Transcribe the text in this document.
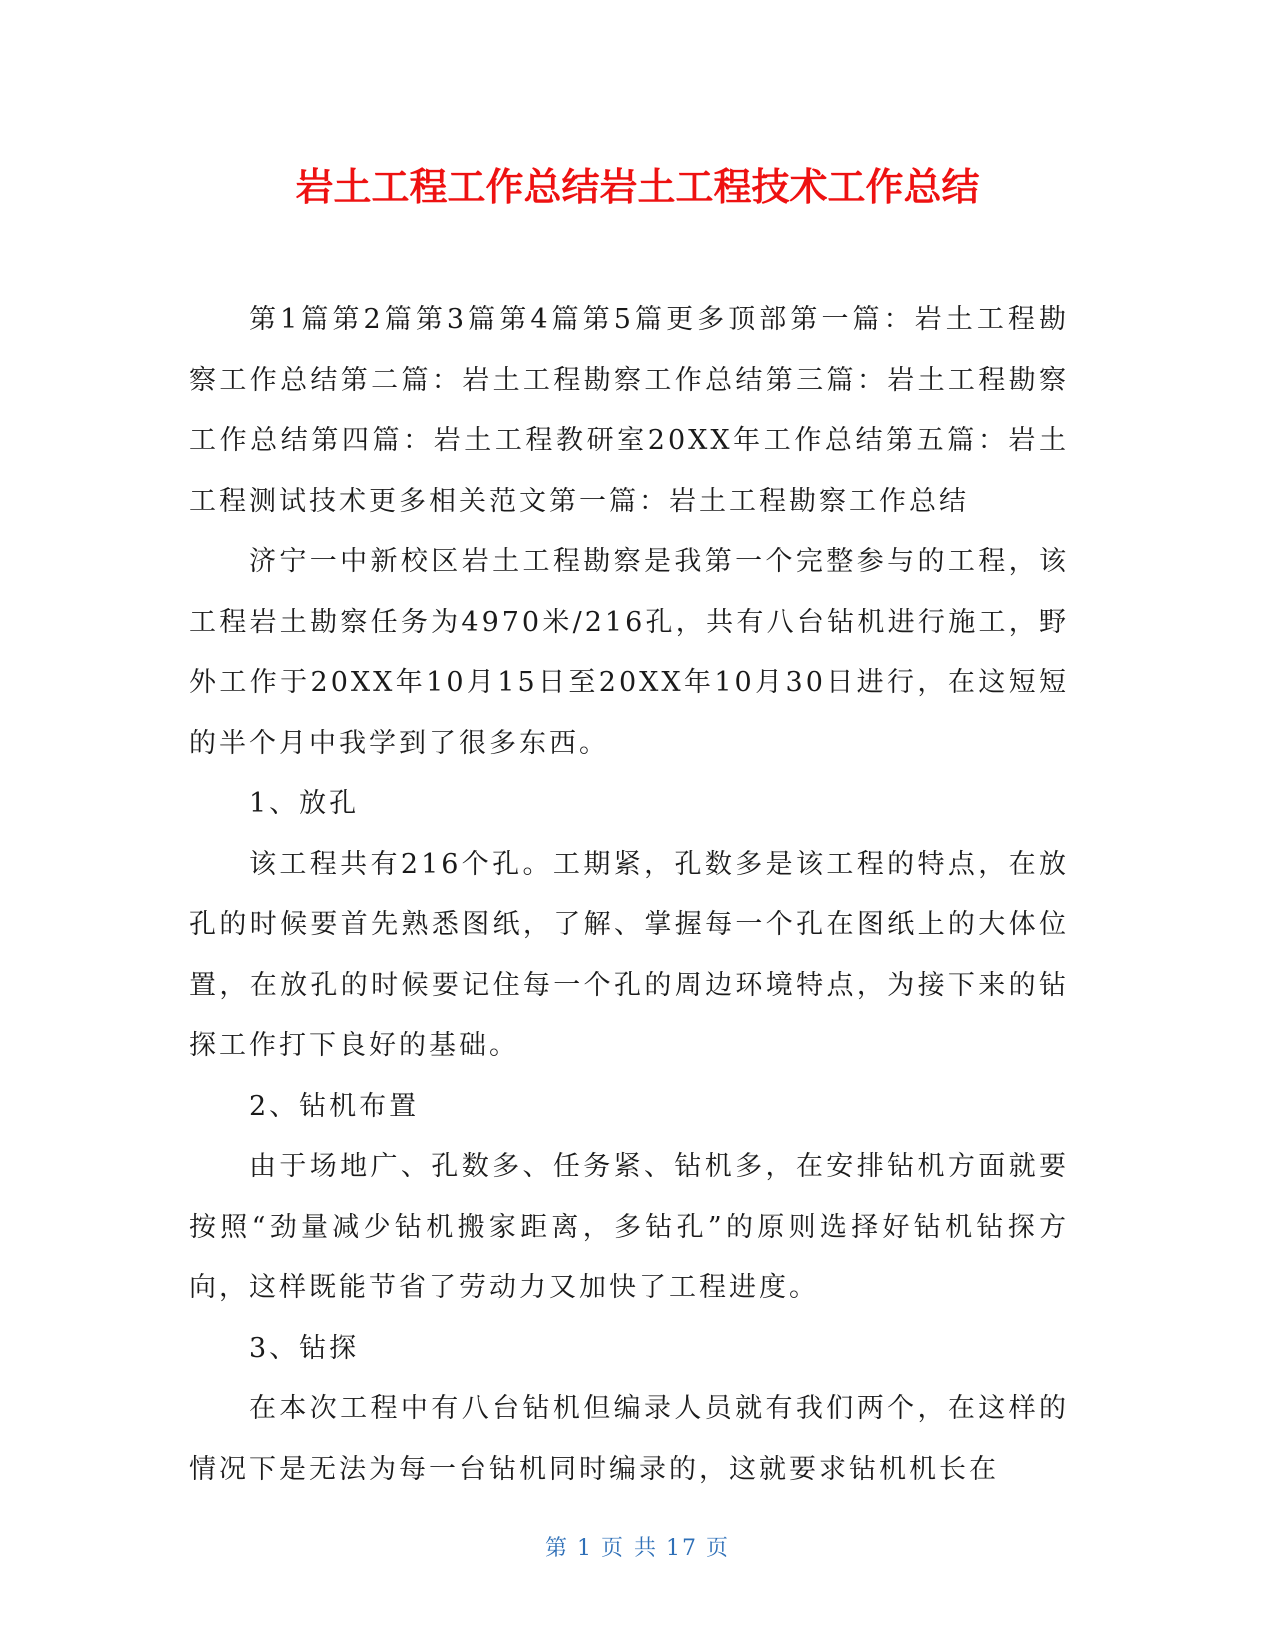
岩土工程工作总结岩土工程技术工作总结

第1篇第2篇第3篇第4篇第5篇更多顶部第一篇：岩土工程勘察工作总结第二篇：岩土工程勘察工作总结第三篇：岩土工程勘察工作总结第四篇：岩土工程教研室20XX年工作总结第五篇：岩土工程测试技术更多相关范文第一篇：岩土工程勘察工作总结

济宁一中新校区岩土工程勘察是我第一个完整参与的工程，该工程岩土勘察任务为4970米/216孔，共有八台钻机进行施工，野外工作于20XX年10月15日至20XX年10月30日进行，在这短短的半个月中我学到了很多东西。

1、放孔

该工程共有216个孔。工期紧，孔数多是该工程的特点，在放孔的时候要首先熟悉图纸，了解、掌握每一个孔在图纸上的大体位置，在放孔的时候要记住每一个孔的周边环境特点，为接下来的钻探工作打下良好的基础。

2、钻机布置

由于场地广、孔数多、任务紧、钻机多，在安排钻机方面就要按照“劲量减少钻机搬家距离，多钻孔”的原则选择好钻机钻探方向，这样既能节省了劳动力又加快了工程进度。

3、钻探

在本次工程中有八台钻机但编录人员就有我们两个，在这样的情况下是无法为每一台钻机同时编录的，这就要求钻机机长在

第 1 页 共 17 页
